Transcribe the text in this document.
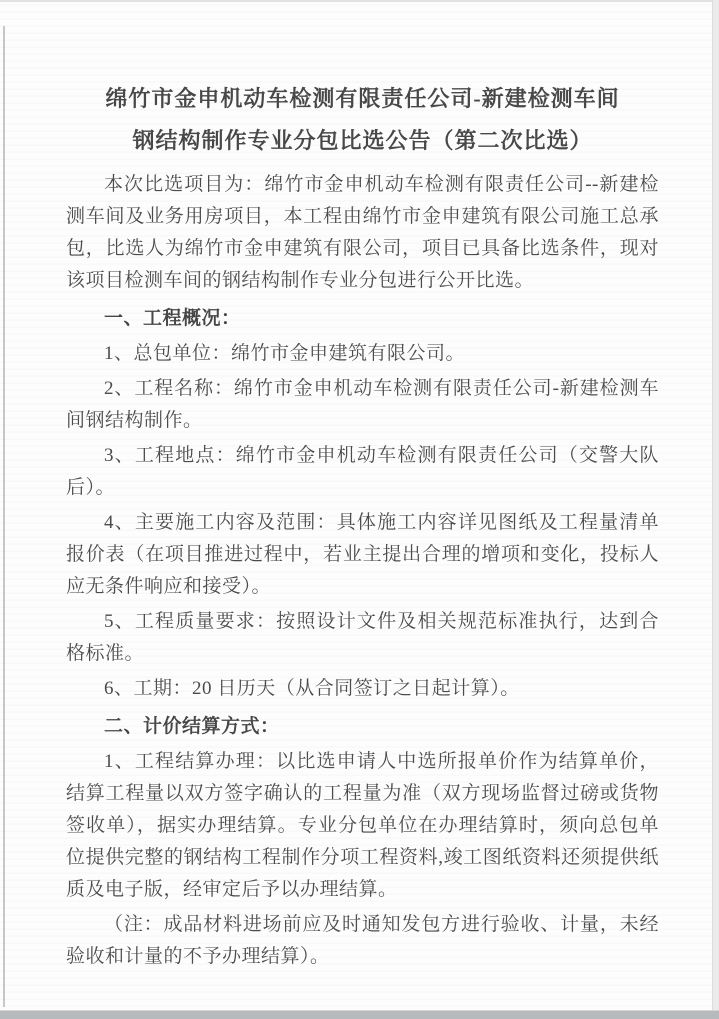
绵竹市金申机动车检测有限责任公司-新建检测车间
钢结构制作专业分包比选公告（第二次比选）

本次比选项目为：绵竹市金申机动车检测有限责任公司--新建检测车间及业务用房项目，本工程由绵竹市金申建筑有限公司施工总承包，比选人为绵竹市金申建筑有限公司，项目已具备比选条件，现对该项目检测车间的钢结构制作专业分包进行公开比选。

一、工程概况：

1、总包单位：绵竹市金申建筑有限公司。

2、工程名称：绵竹市金申机动车检测有限责任公司-新建检测车间钢结构制作。

3、工程地点：绵竹市金申机动车检测有限责任公司（交警大队后）。

4、主要施工内容及范围：具体施工内容详见图纸及工程量清单报价表（在项目推进过程中，若业主提出合理的增项和变化，投标人应无条件响应和接受）。

5、工程质量要求：按照设计文件及相关规范标准执行，达到合格标准。

6、工期：20 日历天（从合同签订之日起计算）。

二、计价结算方式：

1、工程结算办理：以比选申请人中选所报单价作为结算单价，结算工程量以双方签字确认的工程量为准（双方现场监督过磅或货物签收单），据实办理结算。专业分包单位在办理结算时，须向总包单位提供完整的钢结构工程制作分项工程资料,竣工图纸资料还须提供纸质及电子版，经审定后予以办理结算。

（注：成品材料进场前应及时通知发包方进行验收、计量，未经验收和计量的不予办理结算）。
